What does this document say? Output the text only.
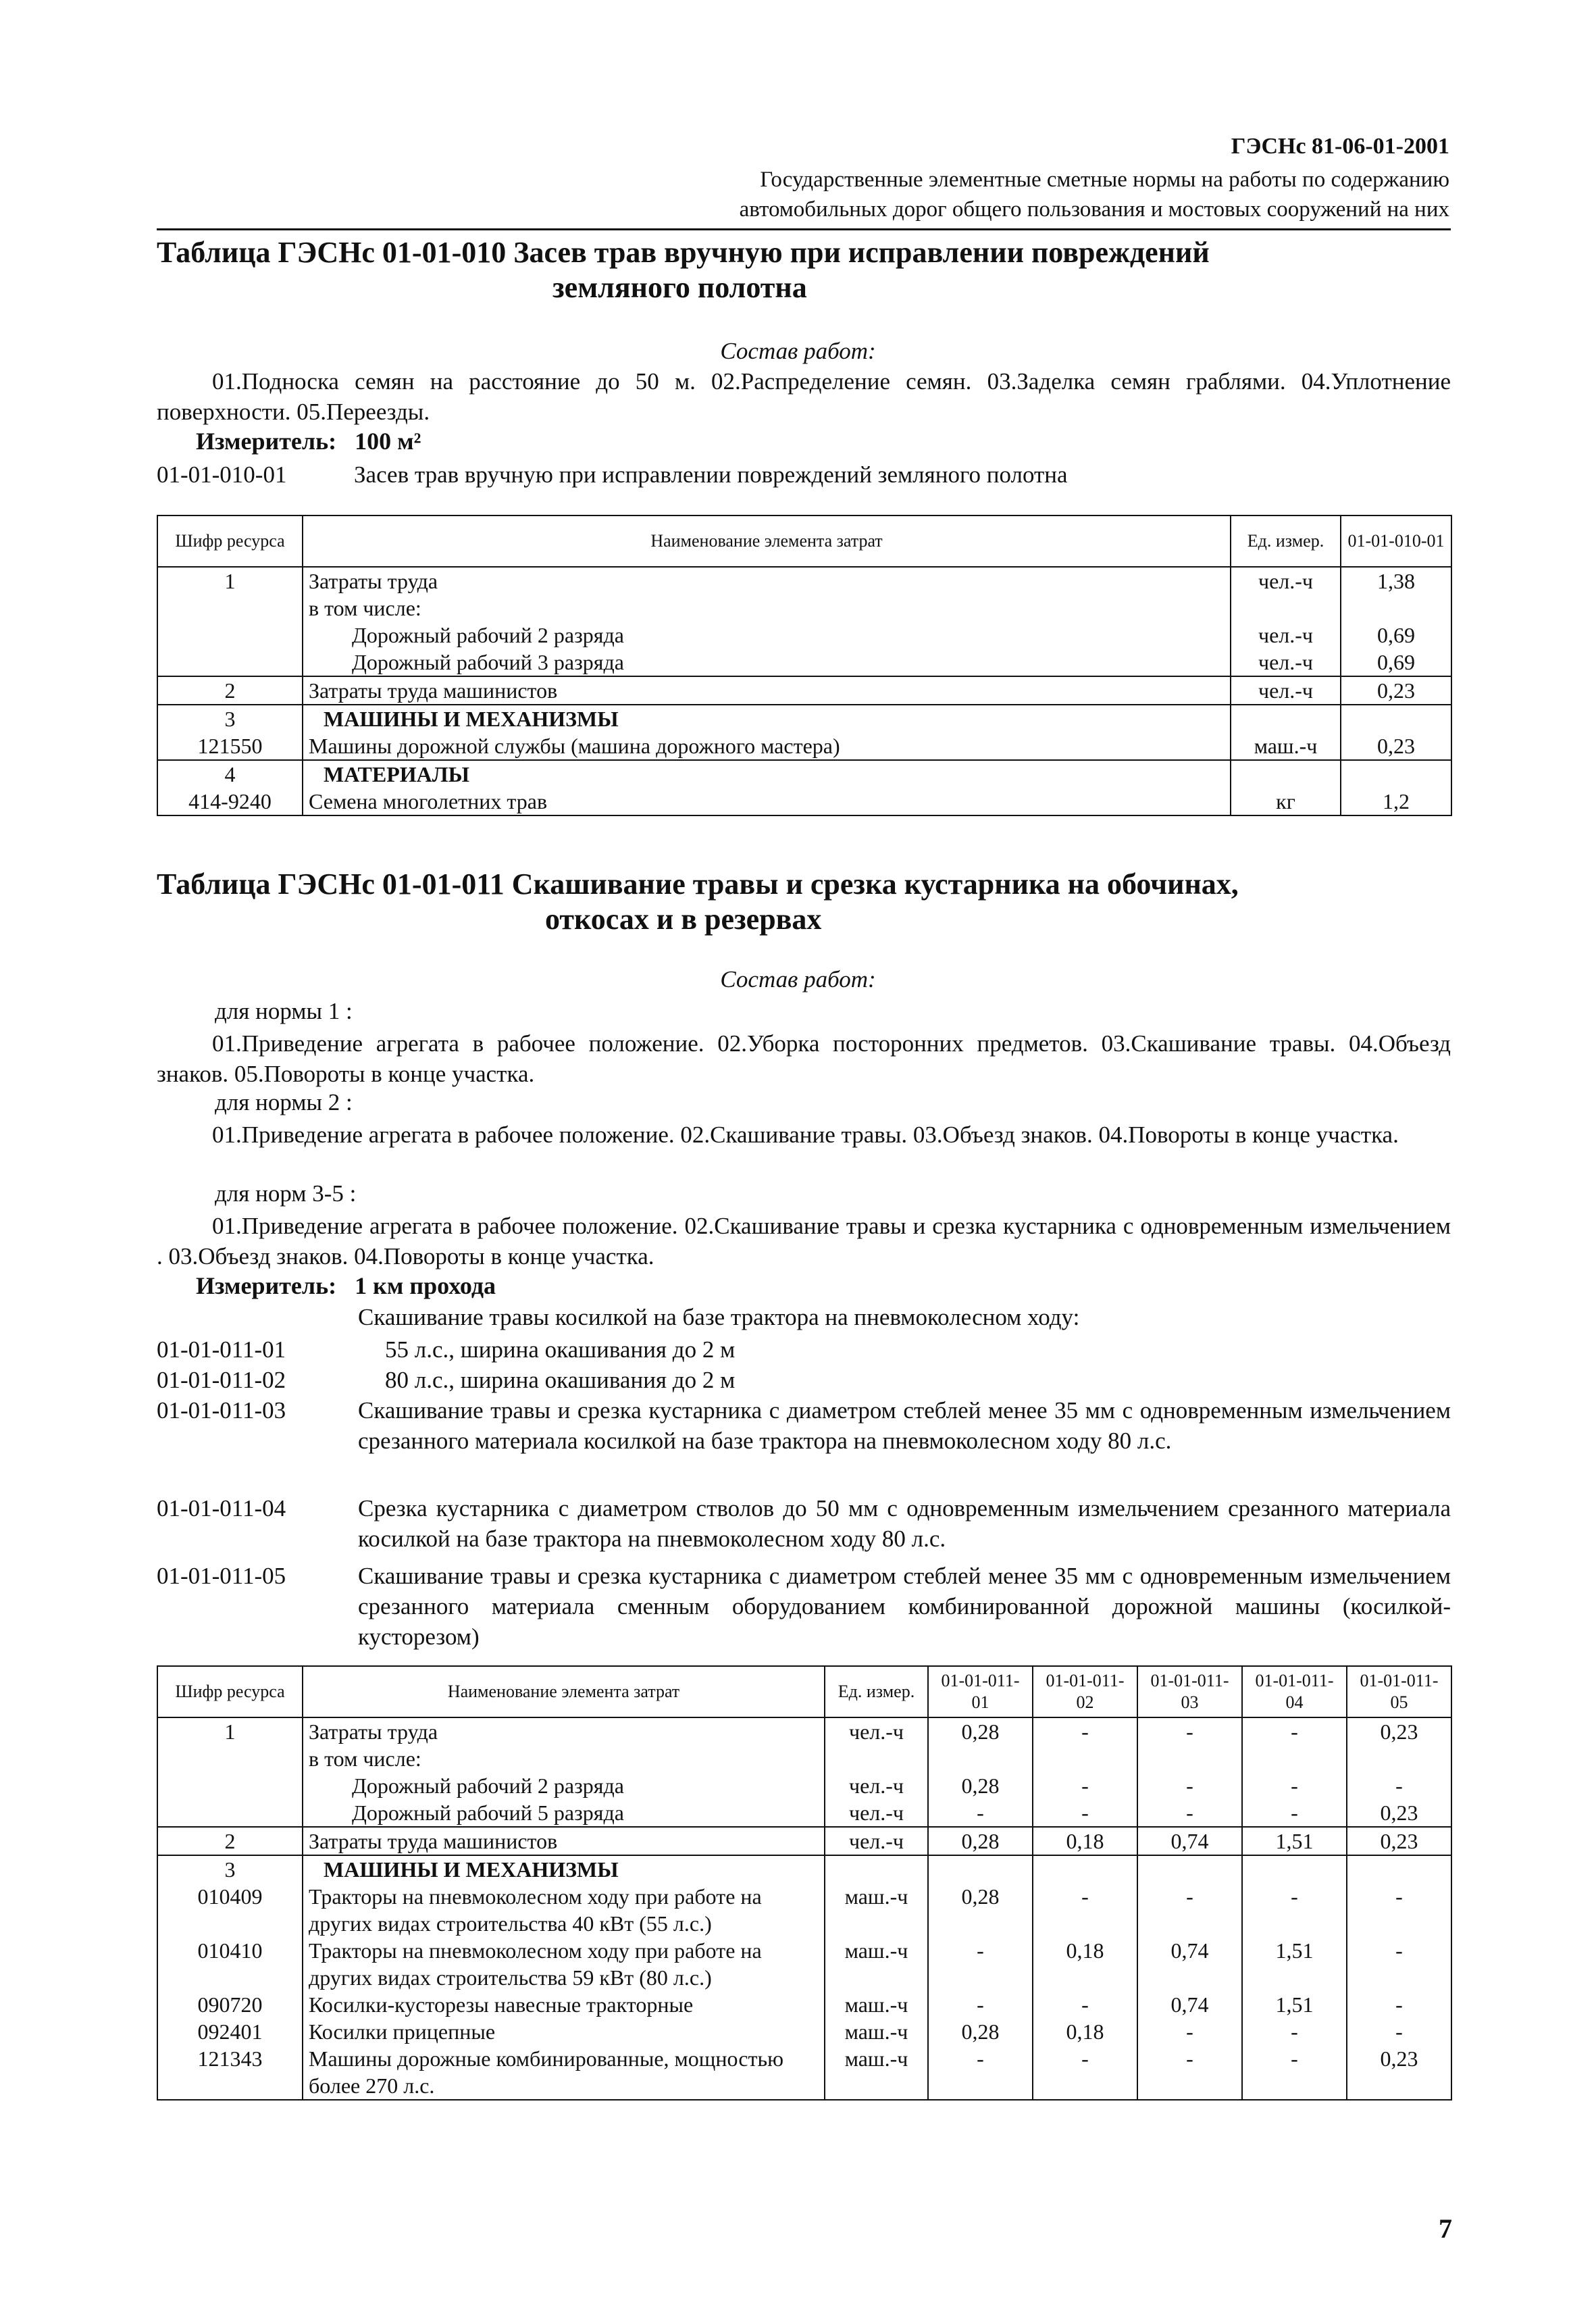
ГЭСНс 81-06-01-2001
Государственные элементные сметные нормы на работы по содержанию
автомобильных дорог общего пользования и мостовых сооружений на них
Таблица ГЭСНс 01-01-010 Засев трав вручную при исправлении повреждений
земляного полотна
Состав работ:

01.Подноска семян на расстояние до 50 м. 02.Распределение семян. 03.Заделка семян граблями. 04.Уплотнение поверхности. 05.Переезды.

Измеритель: 100 м²
01-01-010-01	Засев трав вручную при исправлении повреждений земляного полотна
Шифр ресурса	Наименование элемента затрат	Ед. измер.	01-01-010-01
1	Затраты труда	чел.-ч	1,38
	в том числе:		
	Дорожный рабочий 2 разряда	чел.-ч	0,69
	Дорожный рабочий 3 разряда	чел.-ч	0,69
2	Затраты труда машинистов	чел.-ч	0,23
3	МАШИНЫ И МЕХАНИЗМЫ		
121550	Машины дорожной службы (машина дорожного мастера)	маш.-ч	0,23
4	МАТЕРИАЛЫ		
414-9240	Семена многолетних трав	кг	1,2
Таблица ГЭСНс 01-01-011 Скашивание травы и срезка кустарника на обочинах,
откосах и в резервах
Состав работ:
для нормы 1 :

01.Приведение агрегата в рабочее положение. 02.Уборка посторонних предметов. 03.Скашивание травы. 04.Объезд знаков. 05.Повороты в конце участка.

для нормы 2 :

01.Приведение агрегата в рабочее положение. 02.Скашивание травы. 03.Объезд знаков. 04.Повороты в конце участка.

для норм 3-5 :

01.Приведение агрегата в рабочее положение. 02.Скашивание травы и срезка кустарника с одновременным измельчением . 03.Объезд знаков. 04.Повороты в конце участка.

Измеритель: 1 км прохода
Скашивание травы косилкой на базе трактора на пневмоколесном ходу:
01-01-011-01	55 л.с., ширина окашивания до 2 м
01-01-011-02	80 л.с., ширина окашивания до 2 м
01-01-011-03	Скашивание травы и срезка кустарника с диаметром стеблей менее 35 мм с одновременным измельчением срезанного материала косилкой на базе трактора на пневмоколесном ходу 80 л.с.
01-01-011-04	Срезка кустарника с диаметром стволов до 50 мм с одновременным измельчением срезанного материала косилкой на базе трактора на пневмоколесном ходу 80 л.с.
01-01-011-05	Скашивание травы и срезка кустарника с диаметром стеблей менее 35 мм с одновременным измельчением срезанного материала сменным оборудованием комбинированной дорожной машины (косилкой-кусторезом)
Шифр ресурса	Наименование элемента затрат	Ед. измер.	01-01-011-01	01-01-011-02	01-01-011-03	01-01-011-04	01-01-011-05
1	Затраты труда	чел.-ч	0,28	-	-	-	0,23
	в том числе:						
	Дорожный рабочий 2 разряда	чел.-ч	0,28	-	-	-	-
	Дорожный рабочий 5 разряда	чел.-ч	-	-	-	-	0,23
2	Затраты труда машинистов	чел.-ч	0,28	0,18	0,74	1,51	0,23
3	МАШИНЫ И МЕХАНИЗМЫ						
010409	Тракторы на пневмоколесном ходу при работе на других видах строительства 40 кВт (55 л.с.)	маш.-ч	0,28	-	-	-	-
010410	Тракторы на пневмоколесном ходу при работе на других видах строительства 59 кВт (80 л.с.)	маш.-ч	-	0,18	0,74	1,51	-
090720	Косилки-кусторезы навесные тракторные	маш.-ч	-	-	0,74	1,51	-
092401	Косилки прицепные	маш.-ч	0,28	0,18	-	-	-
121343	Машины дорожные комбинированные, мощностью более 270 л.с.	маш.-ч	-	-	-	-	0,23
7
